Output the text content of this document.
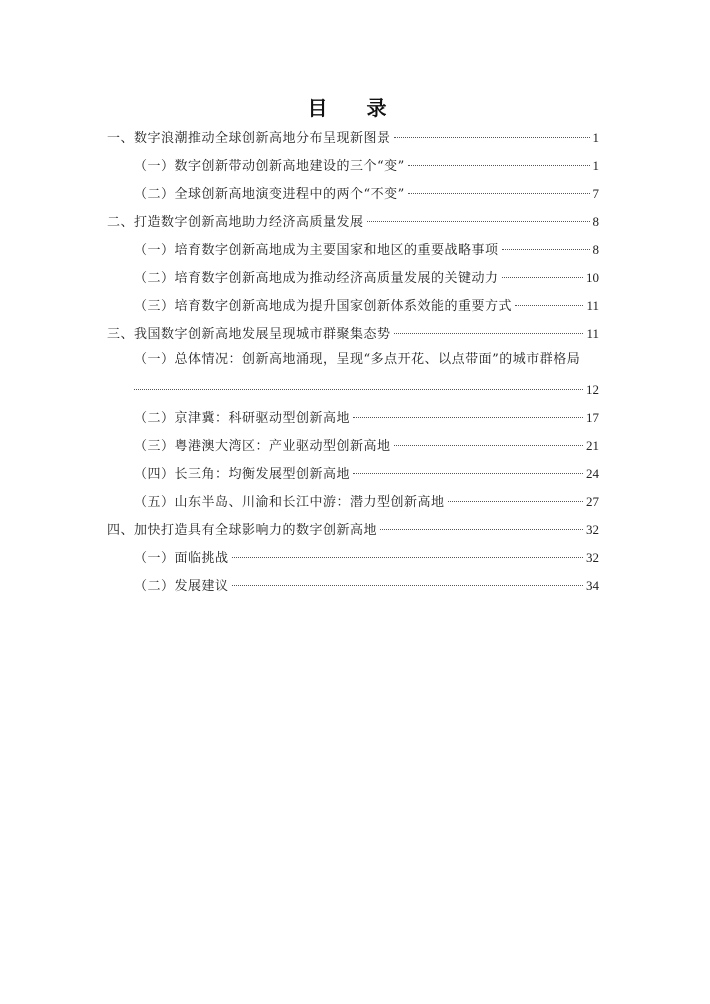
目 录
一、数字浪潮推动全球创新高地分布呈现新图景	1
（一）数字创新带动创新高地建设的三个“变”	1
（二）全球创新高地演变进程中的两个“不变”	7
二、打造数字创新高地助力经济高质量发展	8
（一）培育数字创新高地成为主要国家和地区的重要战略事项	8
（二）培育数字创新高地成为推动经济高质量发展的关键动力	10
（三）培育数字创新高地成为提升国家创新体系效能的重要方式	11
三、我国数字创新高地发展呈现城市群聚集态势	11
（一）总体情况：创新高地涌现，呈现“多点开花、以点带面”的城市群格局
12
（二）京津冀：科研驱动型创新高地	17
（三）粤港澳大湾区：产业驱动型创新高地	21
（四）长三角：均衡发展型创新高地	24
（五）山东半岛、川渝和长江中游：潜力型创新高地	27
四、加快打造具有全球影响力的数字创新高地	32
（一）面临挑战	32
（二）发展建议	34
